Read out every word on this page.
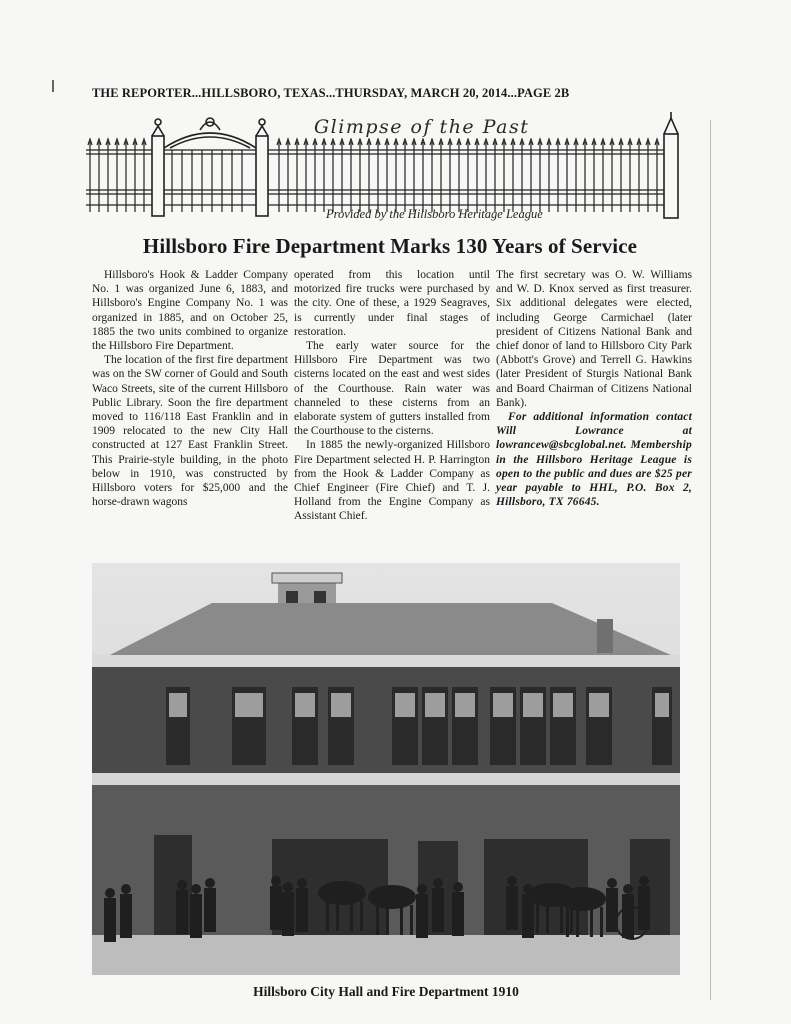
THE REPORTER...HILLSBORO, TEXAS...THURSDAY, MARCH 20, 2014...PAGE 2B
Glimpse of the Past
Provided by the Hillsboro Heritage League
Hillsboro Fire Department Marks 130 Years of Service

Hillsboro's Hook & Ladder Company No. 1 was organized June 6, 1883, and Hillsboro's Engine Company No. 1 was organized in 1885, and on October 25, 1885 the two units combined to organize the Hillsboro Fire Department.

The location of the first fire department was on the SW corner of Gould and South Waco Streets, site of the current Hillsboro Public Library. Soon the fire department moved to 116/118 East Franklin and in 1909 relocated to the new City Hall constructed at 127 East Franklin Street. This Prairie-style building, in the photo below in 1910, was constructed by Hillsboro voters for $25,000 and the horse-drawn wagons

operated from this location until motorized fire trucks were purchased by the city. One of these, a 1929 Seagraves, is currently under final stages of restoration.

The early water source for the Hillsboro Fire Department was two cisterns located on the east and west sides of the Courthouse. Rain water was channeled to these cisterns from an elaborate system of gutters installed from the Courthouse to the cisterns.

In 1885 the newly-organized Hillsboro Fire Department selected H. P. Harrington from the Hook & Ladder Company as Chief Engineer (Fire Chief) and T. J. Holland from the Engine Company as Assistant Chief.

The first secretary was O. W. Williams and W. D. Knox served as first treasurer. Six additional delegates were elected, including George Carmichael (later president of Citizens National Bank and chief donor of land to Hillsboro City Park (Abbott's Grove) and Terrell G. Hawkins (later President of Sturgis National Bank and Board Chairman of Citizens National Bank).

For additional information contact Will Lowrance at lowrancew@sbcglobal.net. Membership in the Hillsboro Heritage League is open to the public and dues are $25 per year payable to HHL, P.O. Box 2, Hillsboro, TX 76645.

Hillsboro City Hall and Fire Department 1910
